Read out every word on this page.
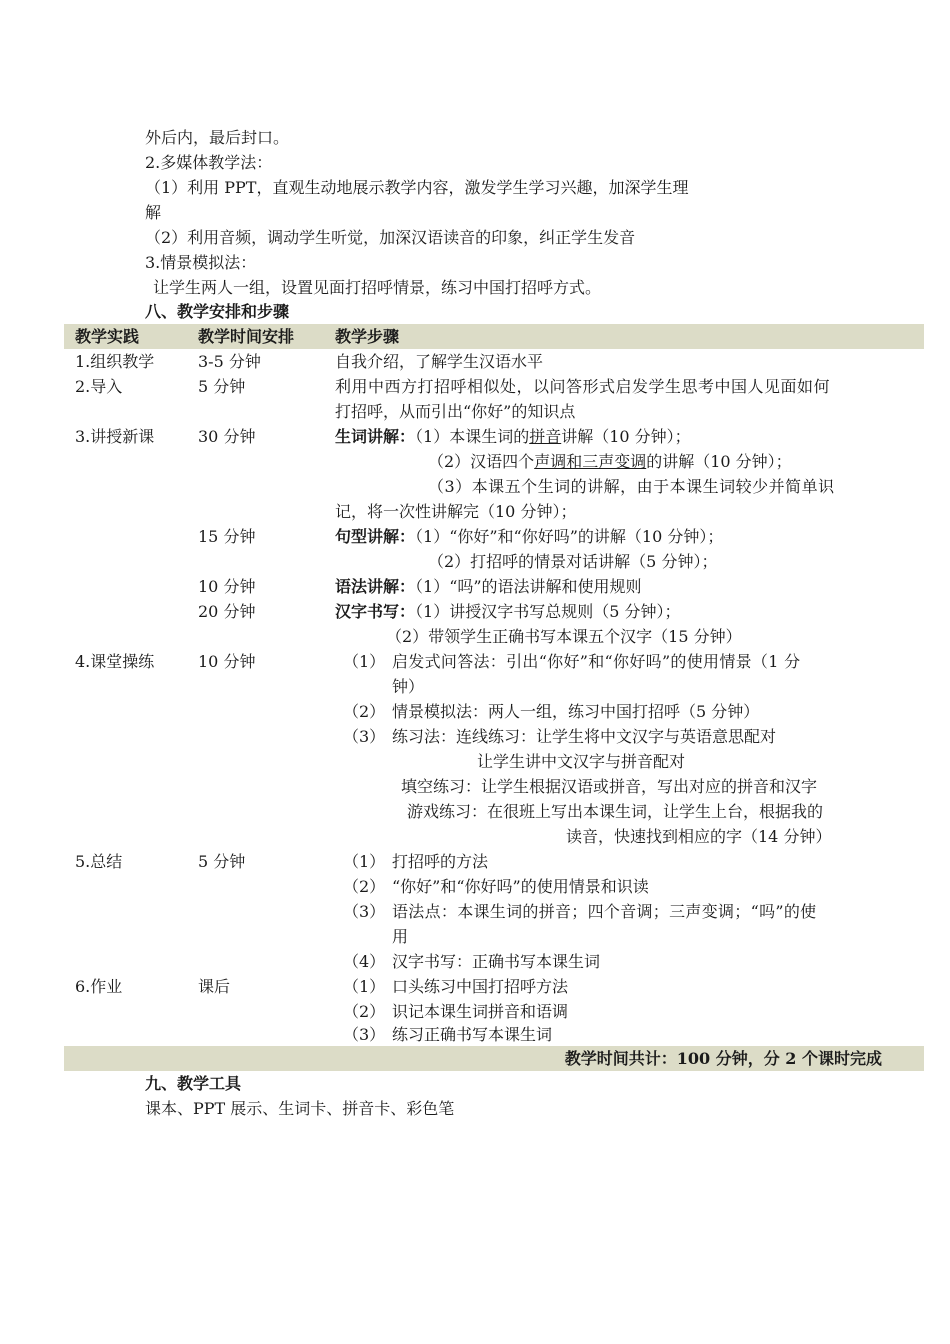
外后内，最后封口。
2.多媒体教学法：
（1）利用 PPT，直观生动地展示教学内容，激发学生学习兴趣，加深学生理
解
（2）利用音频，调动学生听觉，加深汉语读音的印象，纠正学生发音
3.情景模拟法：
让学生两人一组，设置见面打招呼情景，练习中国打招呼方式。
八、教学安排和步骤
教学实践	教学时间安排	教学步骤
1.组织教学	3-5 分钟	自我介绍，了解学生汉语水平
2.导入	5 分钟	利用中西方打招呼相似处，以问答形式启发学生思考中国人见面如何
打招呼，从而引出“你好”的知识点
3.讲授新课	30 分钟	生词讲解：（1）本课生词的拼音讲解（10 分钟）；
（2）汉语四个声调和三声变调的讲解（10 分钟）；
（3）本课五个生词的讲解，由于本课生词较少并简单识
记，将一次性讲解完（10 分钟）；
15 分钟	句型讲解：（1）“你好”和“你好吗”的讲解（10 分钟）；
（2）打招呼的情景对话讲解（5 分钟）；
10 分钟	语法讲解：（1）“吗”的语法讲解和使用规则
20 分钟	汉字书写：（1）讲授汉字书写总规则（5 分钟）；
（2）带领学生正确书写本课五个汉字（15 分钟）
4.课堂操练	10 分钟	（1） 启发式问答法：引出“你好”和“你好吗”的使用情景（1 分
钟）
（2） 情景模拟法：两人一组，练习中国打招呼（5 分钟）
（3） 练习法：连线练习：让学生将中文汉字与英语意思配对
让学生讲中文汉字与拼音配对
填空练习：让学生根据汉语或拼音，写出对应的拼音和汉字
游戏练习：在很班上写出本课生词，让学生上台，根据我的
读音，快速找到相应的字（14 分钟）
5.总结	5 分钟	（1） 打招呼的方法
（2） “你好”和“你好吗”的使用情景和识读
（3） 语法点：本课生词的拼音；四个音调；三声变调；“吗”的使
用
（4） 汉字书写：正确书写本课生词
6.作业	课后	（1） 口头练习中国打招呼方法
（2） 识记本课生词拼音和语调
（3） 练习正确书写本课生词
教学时间共计：100 分钟，分 2 个课时完成
九、教学工具
课本、PPT 展示、生词卡、拼音卡、彩色笔
